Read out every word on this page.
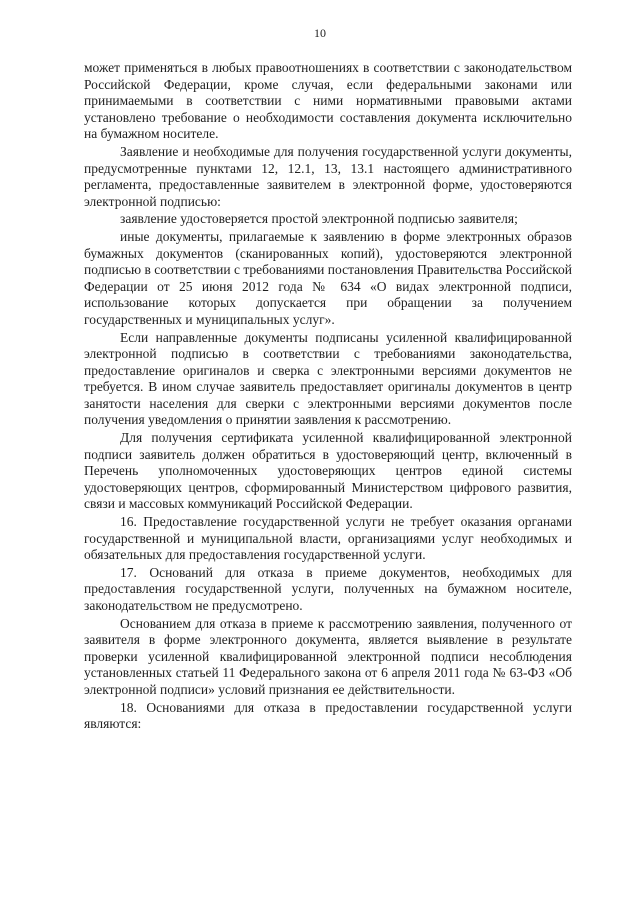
10

может применяться в любых правоотношениях в соответствии с законодательством Российской Федерации, кроме случая, если федеральными законами или принимаемыми в соответствии с ними нормативными правовыми актами установлено требование о необходимости составления документа исключительно на бумажном носителе.

Заявление и необходимые для получения государственной услуги документы, предусмотренные пунктами 12, 12.1, 13, 13.1 настоящего административного регламента, предоставленные заявителем в электронной форме, удостоверяются электронной подписью:

заявление удостоверяется простой электронной подписью заявителя;

иные документы, прилагаемые к заявлению в форме электронных образов бумажных документов (сканированных копий), удостоверяются электронной подписью в соответствии с требованиями постановления Правительства Российской Федерации от 25 июня 2012 года № 634 «О видах электронной подписи, использование которых допускается при обращении за получением государственных и муниципальных услуг».

Если направленные документы подписаны усиленной квалифицированной электронной подписью в соответствии с требованиями законодательства, предоставление оригиналов и сверка с электронными версиями документов не требуется. В ином случае заявитель предоставляет оригиналы документов в центр занятости населения для сверки с электронными версиями документов после получения уведомления о принятии заявления к рассмотрению.

Для получения сертификата усиленной квалифицированной электронной подписи заявитель должен обратиться в удостоверяющий центр, включенный в Перечень уполномоченных удостоверяющих центров единой системы удостоверяющих центров, сформированный Министерством цифрового развития, связи и массовых коммуникаций Российской Федерации.

16. Предоставление государственной услуги не требует оказания органами государственной и муниципальной власти, организациями услуг необходимых и обязательных для предоставления государственной услуги.

17. Оснований для отказа в приеме документов, необходимых для предоставления государственной услуги, полученных на бумажном носителе, законодательством не предусмотрено.

Основанием для отказа в приеме к рассмотрению заявления, полученного от заявителя в форме электронного документа, является выявление в результате проверки усиленной квалифицированной электронной подписи несоблюдения установленных статьей 11 Федерального закона от 6 апреля 2011 года № 63-ФЗ «Об электронной подписи» условий признания ее действительности.

18. Основаниями для отказа в предоставлении государственной услуги являются:
